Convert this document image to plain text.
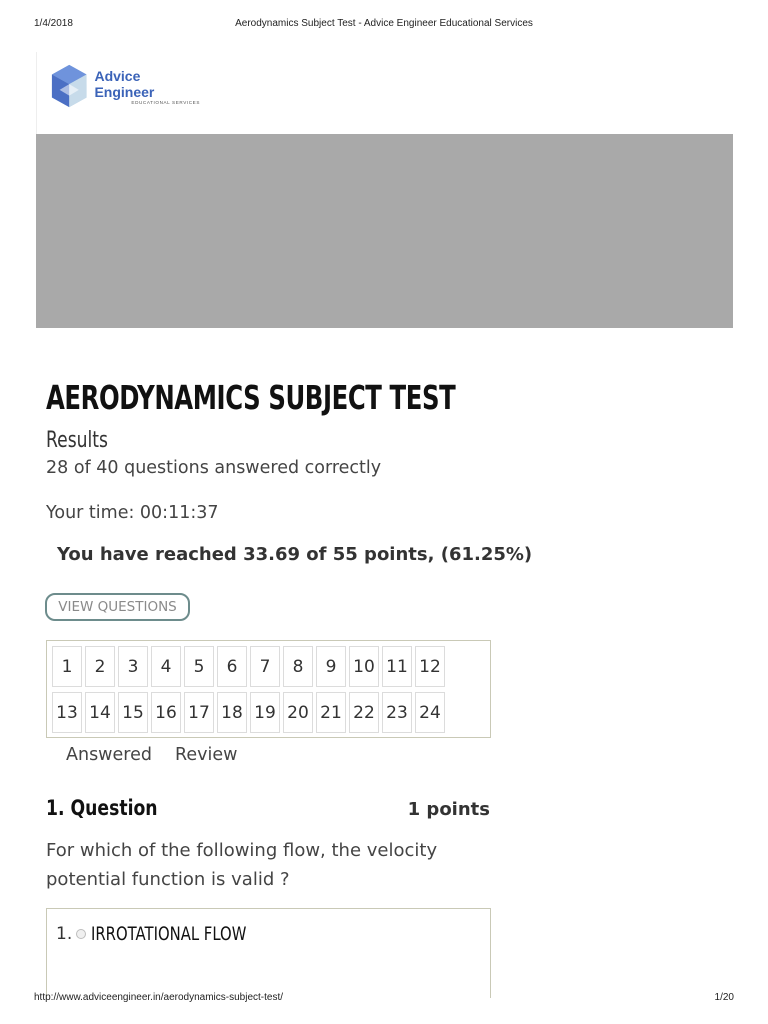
1/4/2018	Aerodynamics Subject Test - Advice Engineer Educational Services
Advice Engineer
EDUCATIONAL SERVICES
AERODYNAMICS SUBJECT TEST
Results
28 of 40 questions answered correctly
Your time: 00:11:37
You have reached 33.69 of 55 points, (61.25%)
VIEW QUESTIONS
1	2	3	4	5	6	7	8	9 10 11 12
13 14 15 16 17 18 19 20 21 22 23 24
Answered Review
1. Question	1 points
For which of the following flow, the velocity potential function is valid ?
1. IRROTATIONAL FLOW
http://www.adviceengineer.in/aerodynamics-subject-test/	1/20
